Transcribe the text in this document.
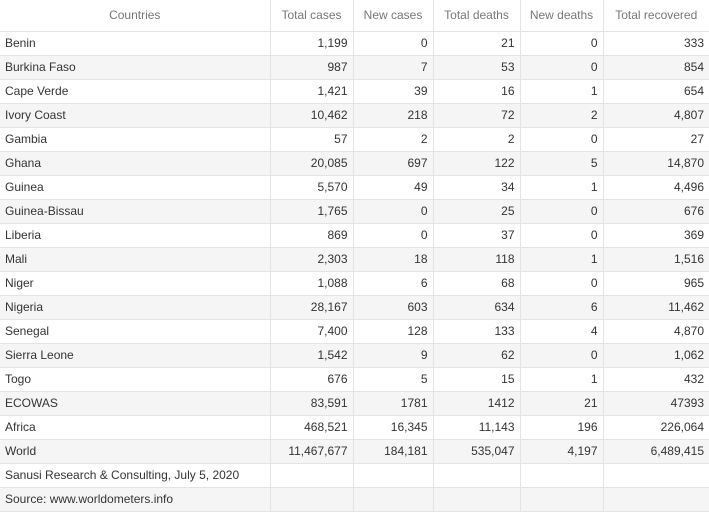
Countries	Total cases	New cases	Total deaths	New deaths	Total recovered
Benin	1,199	0	21	0	333
Burkina Faso	987	7	53	0	854
Cape Verde	1,421	39	16	1	654
Ivory Coast	10,462	218	72	2	4,807
Gambia	57	2	2	0	27
Ghana	20,085	697	122	5	14,870
Guinea	5,570	49	34	1	4,496
Guinea-Bissau	1,765	0	25	0	676
Liberia	869	0	37	0	369
Mali	2,303	18	118	1	1,516
Niger	1,088	6	68	0	965
Nigeria	28,167	603	634	6	11,462
Senegal	7,400	128	133	4	4,870
Sierra Leone	1,542	9	62	0	1,062
Togo	676	5	15	1	432
ECOWAS	83,591	1781	1412	21	47393
Africa	468,521	16,345	11,143	196	226,064
World	11,467,677	184,181	535,047	4,197	6,489,415
Sanusi Research & Consulting, July 5, 2020					
Source: www.worldometers.info					
